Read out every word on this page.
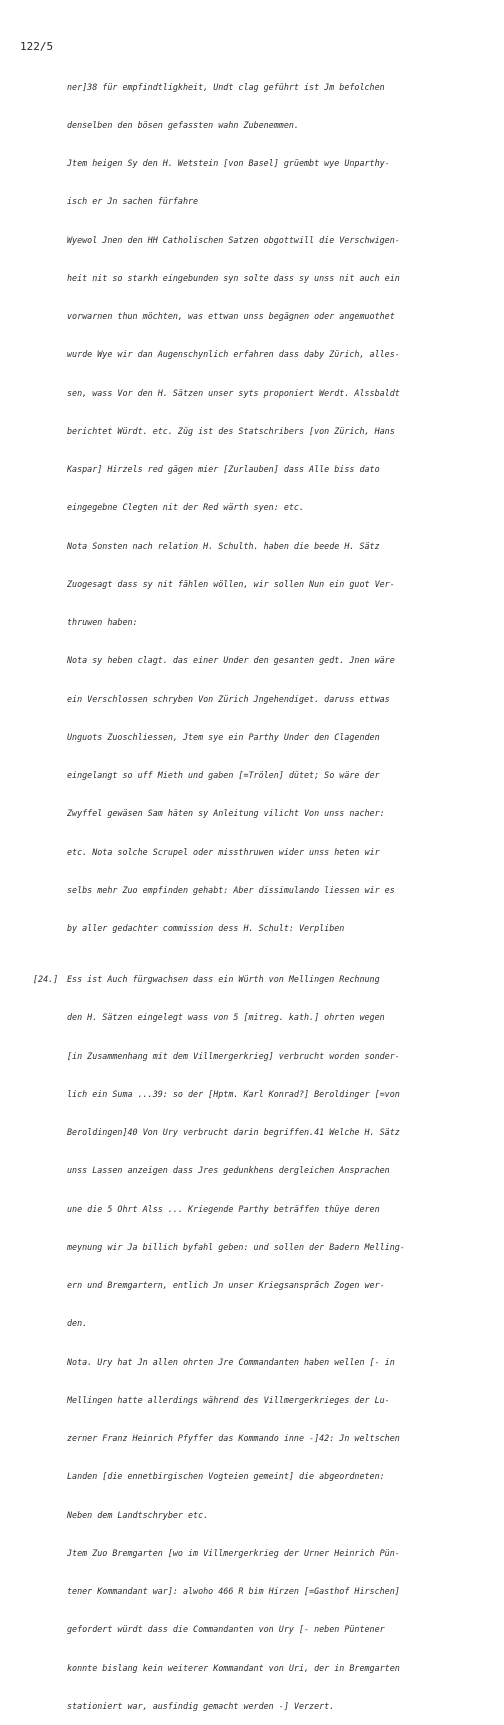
122/5

ner]38 für empfindtligkheit, Undt clag geführt ist Jm befolchen

denselben den bösen gefassten wahn Zubenemmen.

Jtem heigen Sy den H. Wetstein [von Basel] grüembt wye Unparthy-

isch er Jn sachen fürfahre

Wyewol Jnen den HH Catholischen Satzen obgottwill die Verschwigen-

heit nit so starkh eingebunden syn solte dass sy unss nit auch ein

vorwarnen thun möchten, was ettwan unss begägnen oder angemuothet

wurde Wye wir dan Augenschynlich erfahren dass daby Zürich, alles-

sen, wass Vor den H. Sätzen unser syts proponiert Werdt. Alssbaldt

berichtet Würdt. etc. Züg ist des Statschribers [von Zürich, Hans

Kaspar] Hirzels red gägen mier [Zurlauben] dass Alle biss dato

eingegebne Clegten nit der Red wärth syen: etc.

Nota Sonsten nach relation H. Schulth. haben die beede H. Sätz

Zuogesagt dass sy nit fählen wöllen, wir sollen Nun ein guot Ver-

thruwen haben:

Nota sy heben clagt. das einer Under den gesanten gedt. Jnen wäre

ein Verschlossen schryben Von Zürich Jngehendiget. daruss ettwas

Unguots Zuoschliessen, Jtem sye ein Parthy Under den Clagenden

eingelangt so uff Mieth und gaben [=Trölen] dütet; So wäre der

Zwyffel gewäsen Sam häten sy Anleitung vilicht Von unss nacher:

etc. Nota solche Scrupel oder missthruwen wider unss heten wir

selbs mehr Zuo empfinden gehabt: Aber dissimulando liessen wir es

by aller gedachter commission dess H. Schult: Verpliben

[24.] Ess ist Auch fürgwachsen dass ein Würth von Mellingen Rechnung

den H. Sätzen eingelegt wass von 5 [mitreg. kath.] ohrten wegen

[in Zusammenhang mit dem Villmergerkrieg] verbrucht worden sonder-

lich ein Suma ...39: so der [Hptm. Karl Konrad?] Beroldinger [=von

Beroldingen]40 Von Ury verbrucht darin begriffen.41 Welche H. Sätz

unss Lassen anzeigen dass Jres gedunkhens dergleichen Ansprachen

une die 5 Ohrt Alss ... Kriegende Parthy beträffen thüye deren

meynung wir Ja billich byfahl geben: und sollen der Badern Melling-

ern und Bremgartern, entlich Jn unser Kriegsansprãch Zogen wer-

den.

Nota. Ury hat Jn allen ohrten Jre Commandanten haben wellen [- in

Mellingen hatte allerdings während des Villmergerkrieges der Lu-

zerner Franz Heinrich Pfyffer das Kommando inne -]42: Jn weltschen

Landen [die ennetbirgischen Vogteien gemeint] die abgeordneten:

Neben dem Landtschryber etc.

Jtem Zuo Bremgarten [wo im Villmergerkrieg der Urner Heinrich Pün-

tener Kommandant war]: alwoho 466 R bim Hirzen [=Gasthof Hirschen]

gefordert würdt dass die Commandanten von Ury [- neben Püntener

konnte bislang kein weiterer Kommandant von Uri, der in Bremgarten

stationiert war, ausfindig gemacht werden -] Verzert.
